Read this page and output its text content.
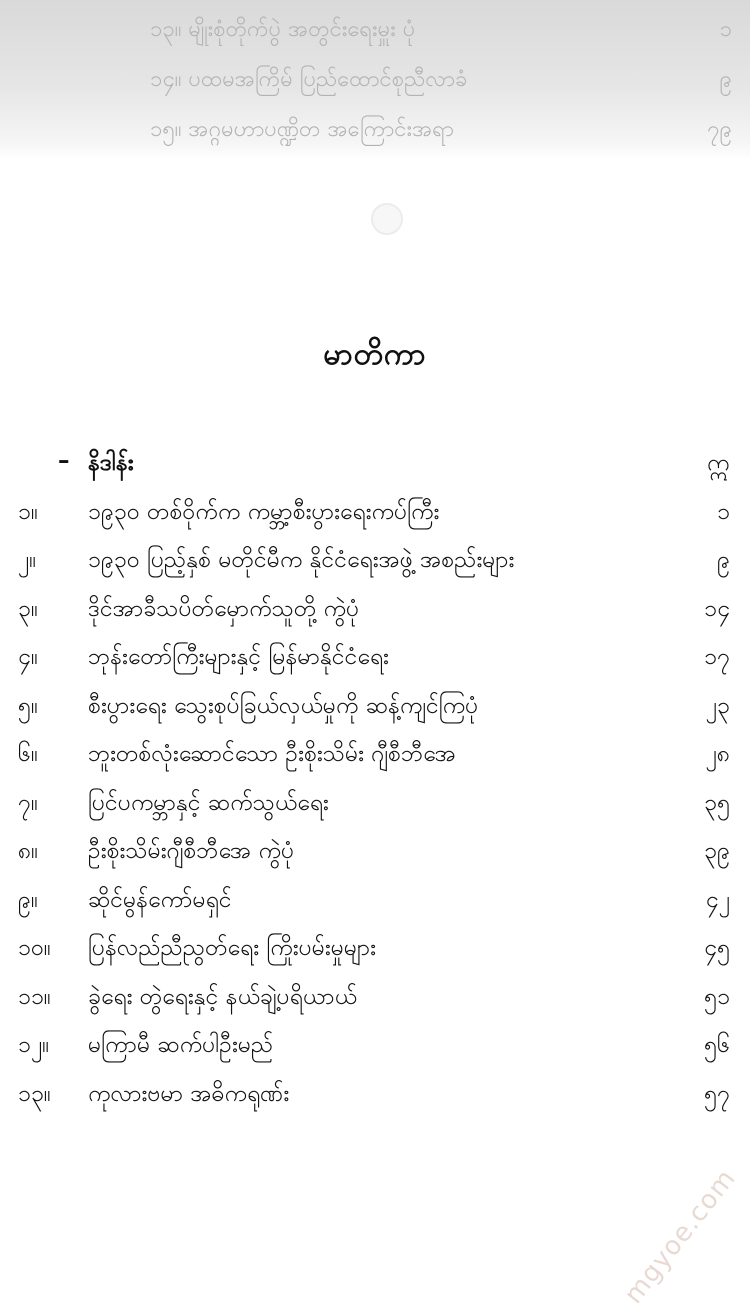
၁၃။ မျိုးစုံတိုက်ပွဲ အတွင်းရေးမှူး ပုံ	၁
၁၄။ ပထမအကြိမ် ပြည်ထောင်စုညီလာခံ	၉
၁၅။ အဂ္ဂမဟာပဏ္ဍိတ အကြောင်းအရာ	၇၉
မာတိကာ
– နိဒါန်း	ဣ
၁။	၁၉၃၀ တစ်ဝိုက်က ကမ္ဘာ့စီးပွားရေးကပ်ကြီး	၁
၂။	၁၉၃၀ ပြည့်နှစ် မတိုင်မီက နိုင်ငံရေးအဖွဲ့ အစည်းများ	၉
၃။	ဒိုင်အာခီသပိတ်မှောက်သူတို့ ကွဲပုံ	၁၄
၄။	ဘုန်းတော်ကြီးများနှင့် မြန်မာနိုင်ငံရေး	၁၇
၅။	စီးပွားရေး သွေးစုပ်ခြယ်လှယ်မှုကို ဆန့်ကျင်ကြပုံ	၂၃
၆။	ဘူးတစ်လုံးဆောင်သော ဦးစိုးသိမ်း ဂျီစီဘီအေ	၂၈
၇။	ပြင်ပကမ္ဘာနှင့် ဆက်သွယ်ရေး	၃၅
၈။	ဦးစိုးသိမ်းဂျီစီဘီအေ ကွဲပုံ	၃၉
၉။	ဆိုင်မွန်ကော်မရှင်	၄၂
၁၀။	ပြန်လည်ညီညွတ်ရေး ကြိုးပမ်းမှုများ	၄၅
၁၁။	ခွဲရေး တွဲရေးနှင့် နယ်ချဲ့ပရိယာယ်	၅၁
၁၂။	မကြာမီ ဆက်ပါဦးမည်	၅၆
၁၃။	ကုလားဗမာ အဓိကရုဏ်း	၅၇
mgyoe.com
